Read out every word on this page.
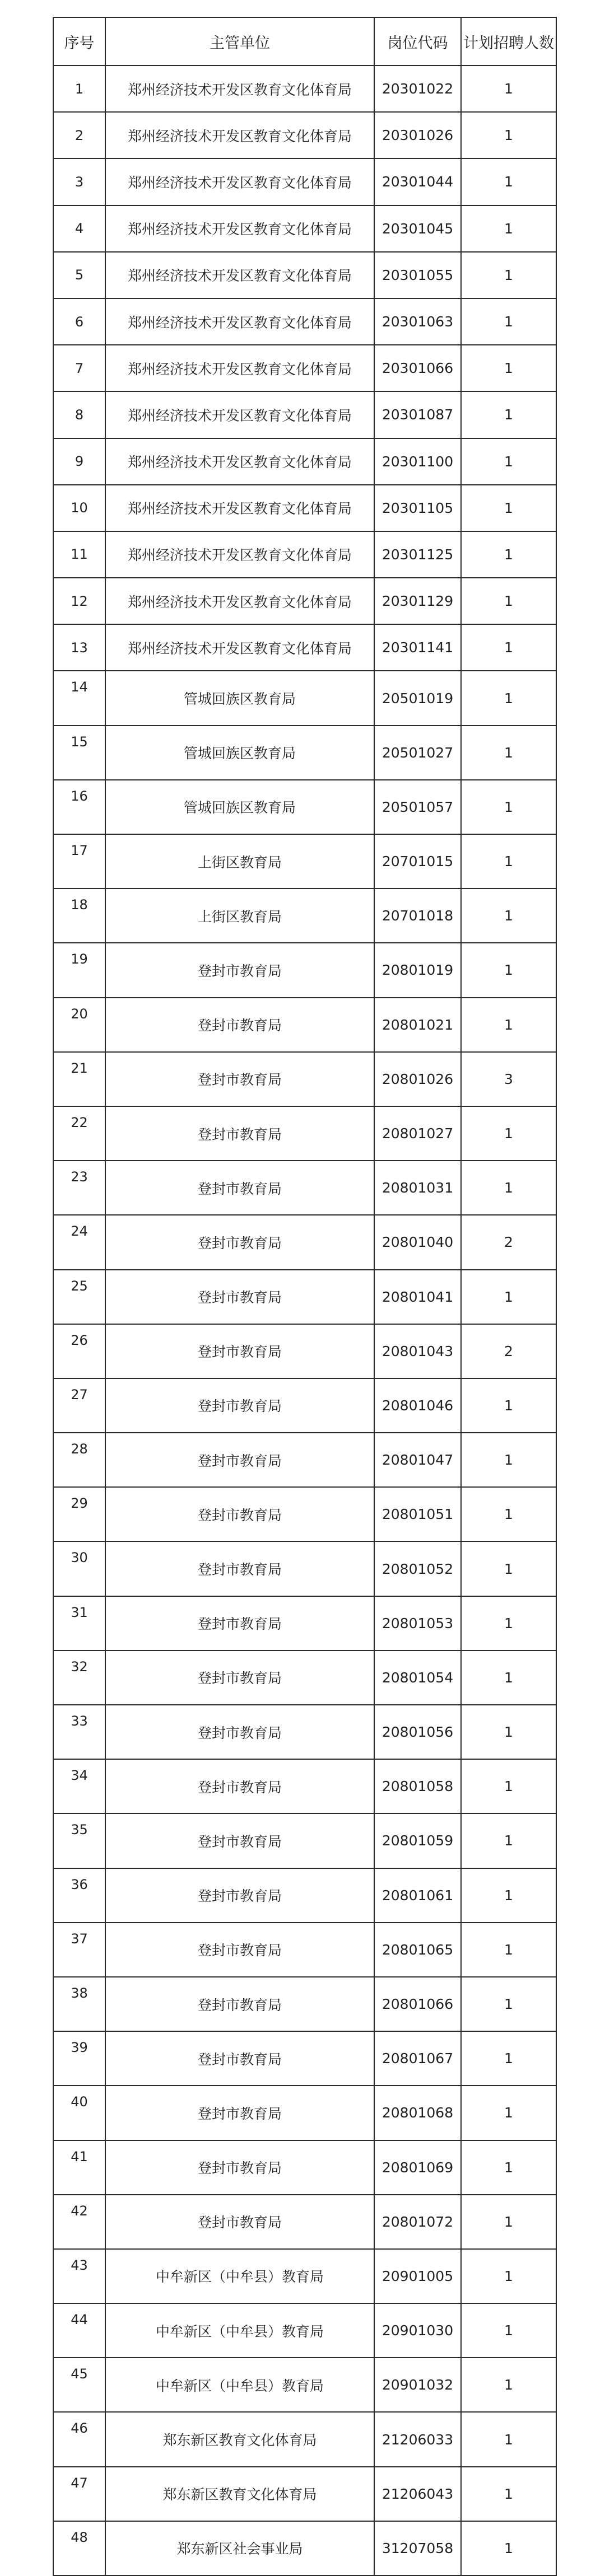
序号	主管单位	岗位代码	计划招聘人数
1	郑州经济技术开发区教育文化体育局	20301022	1
2	郑州经济技术开发区教育文化体育局	20301026	1
3	郑州经济技术开发区教育文化体育局	20301044	1
4	郑州经济技术开发区教育文化体育局	20301045	1
5	郑州经济技术开发区教育文化体育局	20301055	1
6	郑州经济技术开发区教育文化体育局	20301063	1
7	郑州经济技术开发区教育文化体育局	20301066	1
8	郑州经济技术开发区教育文化体育局	20301087	1
9	郑州经济技术开发区教育文化体育局	20301100	1
10	郑州经济技术开发区教育文化体育局	20301105	1
11	郑州经济技术开发区教育文化体育局	20301125	1
12	郑州经济技术开发区教育文化体育局	20301129	1
13	郑州经济技术开发区教育文化体育局	20301141	1
14	管城回族区教育局	20501019	1
15	管城回族区教育局	20501027	1
16	管城回族区教育局	20501057	1
17	上街区教育局	20701015	1
18	上街区教育局	20701018	1
19	登封市教育局	20801019	1
20	登封市教育局	20801021	1
21	登封市教育局	20801026	3
22	登封市教育局	20801027	1
23	登封市教育局	20801031	1
24	登封市教育局	20801040	2
25	登封市教育局	20801041	1
26	登封市教育局	20801043	2
27	登封市教育局	20801046	1
28	登封市教育局	20801047	1
29	登封市教育局	20801051	1
30	登封市教育局	20801052	1
31	登封市教育局	20801053	1
32	登封市教育局	20801054	1
33	登封市教育局	20801056	1
34	登封市教育局	20801058	1
35	登封市教育局	20801059	1
36	登封市教育局	20801061	1
37	登封市教育局	20801065	1
38	登封市教育局	20801066	1
39	登封市教育局	20801067	1
40	登封市教育局	20801068	1
41	登封市教育局	20801069	1
42	登封市教育局	20801072	1
43	中牟新区（中牟县）教育局	20901005	1
44	中牟新区（中牟县）教育局	20901030	1
45	中牟新区（中牟县）教育局	20901032	1
46	郑东新区教育文化体育局	21206033	1
47	郑东新区教育文化体育局	21206043	1
48	郑东新区社会事业局	31207058	1
